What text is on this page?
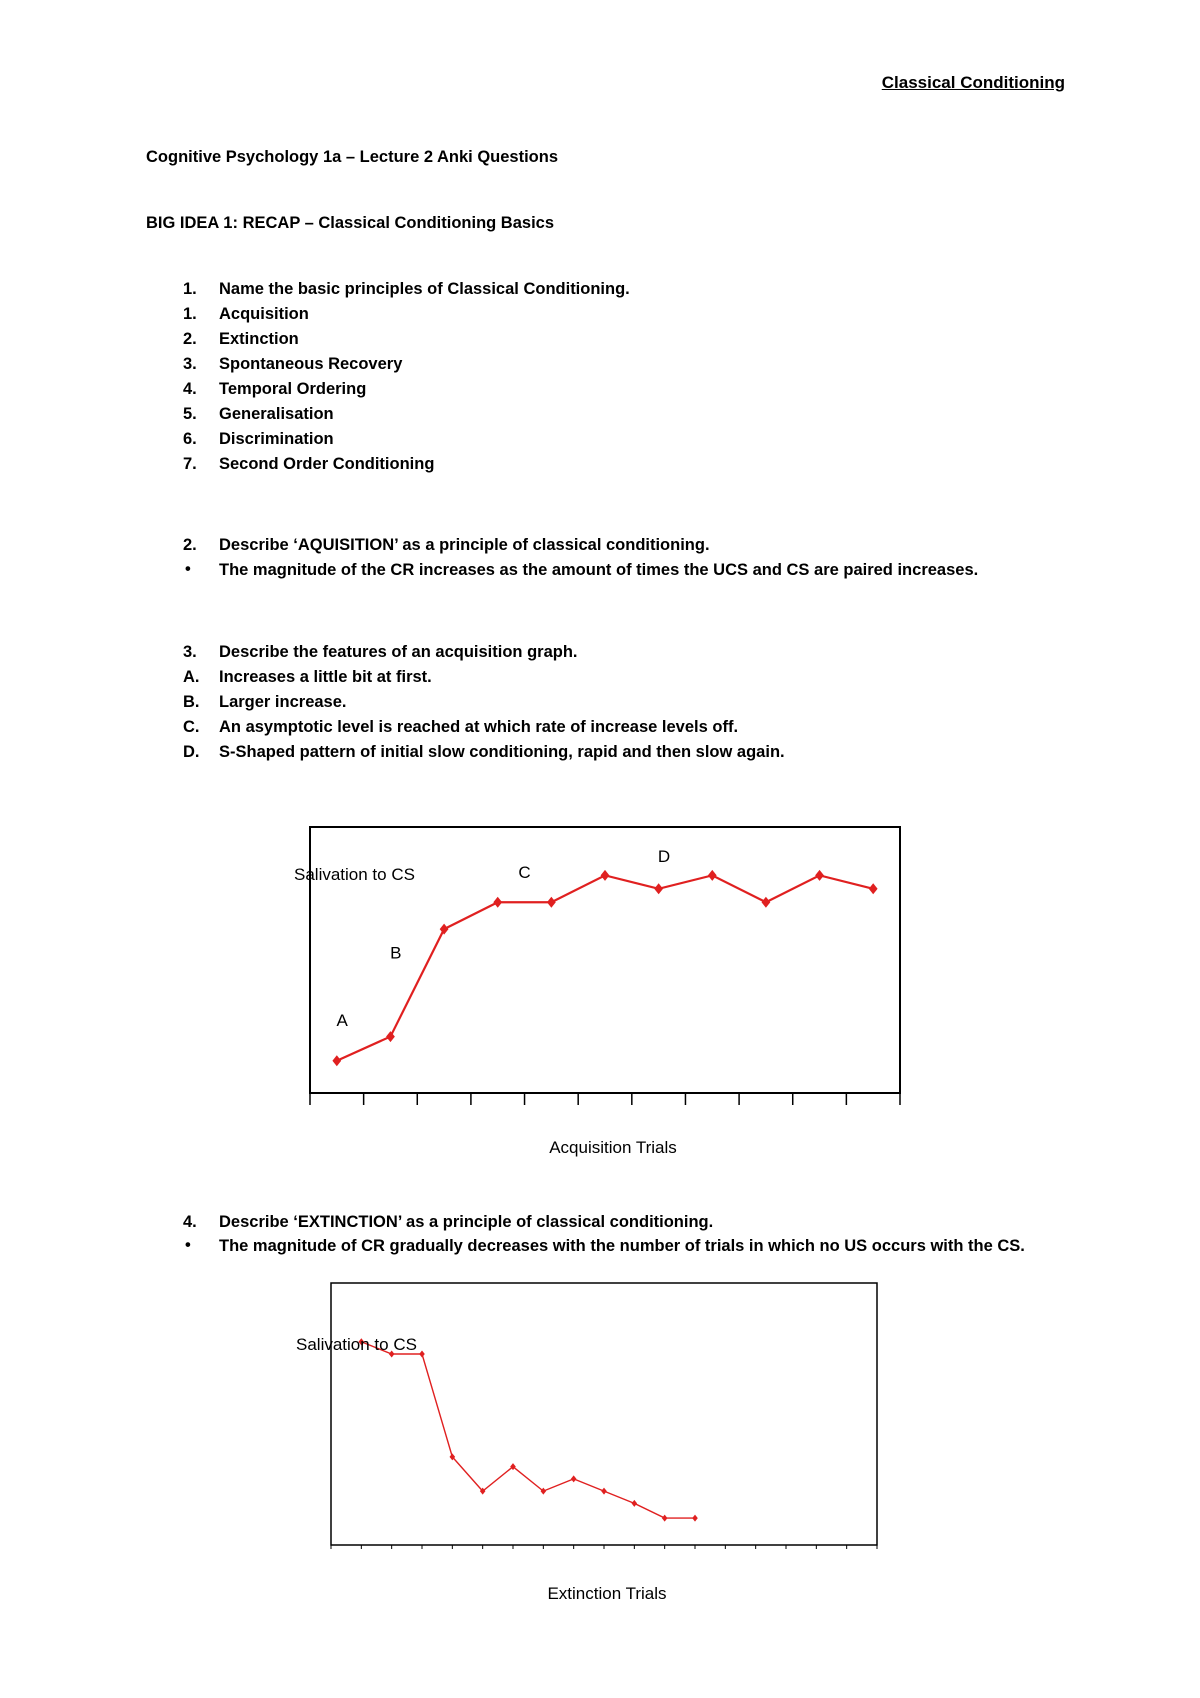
Classical Conditioning
Cognitive Psychology 1a – Lecture 2 Anki Questions
BIG IDEA 1: RECAP – Classical Conditioning Basics
1. Name the basic principles of Classical Conditioning.
1. Acquisition
2. Extinction
3. Spontaneous Recovery
4. Temporal Ordering
5. Generalisation
6. Discrimination
7. Second Order Conditioning
2. Describe ‘AQUISITION’ as a principle of classical conditioning.
• The magnitude of the CR increases as the amount of times the UCS and CS are paired increases.
3. Describe the features of an acquisition graph.
A. Increases a little bit at first.
B. Larger increase.
C. An asymptotic level is reached at which rate of increase levels off.
D. S-Shaped pattern of initial slow conditioning, rapid and then slow again.
A
B
C
D
Salivation to CS
Acquisition Trials
4. Describe ‘EXTINCTION’ as a principle of classical conditioning.
• The magnitude of CR gradually decreases with the number of trials in which no US occurs with the CS.
Salivation to CS
Extinction Trials
